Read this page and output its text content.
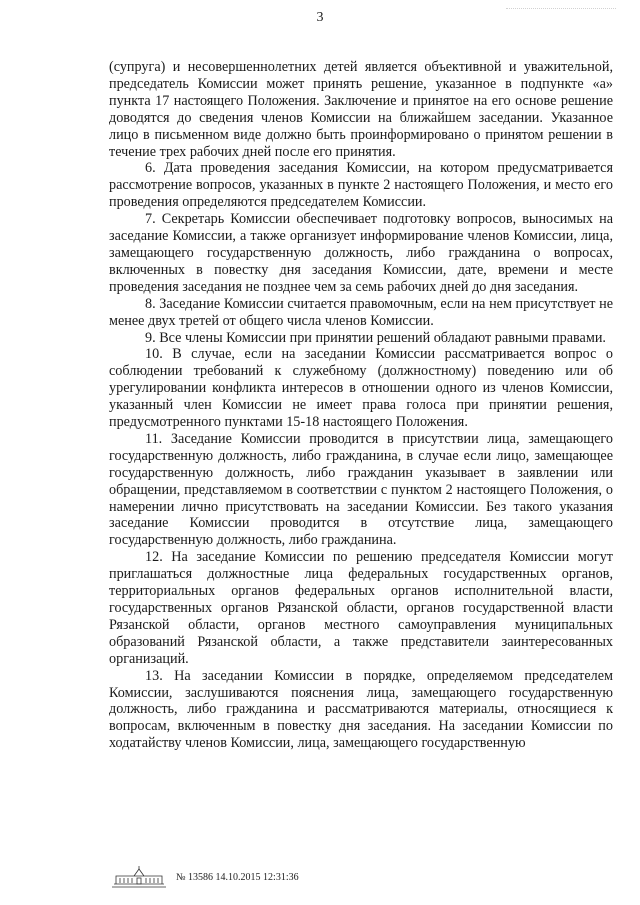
3

(супруга) и несовершеннолетних детей является объективной и уважительной, председатель Комиссии может принять решение, указанное в подпункте «а» пункта 17 настоящего Положения. Заключение и принятое на его основе решение доводятся до сведения членов Комиссии на ближайшем заседании. Указанное лицо в письменном виде должно быть проинформировано о принятом решении в течение трех рабочих дней после его принятия.

6. Дата проведения заседания Комиссии, на котором предусматривается рассмотрение вопросов, указанных в пункте 2 настоящего Положения, и место его проведения определяются председателем Комиссии.

7. Секретарь Комиссии обеспечивает подготовку вопросов, выносимых на заседание Комиссии, а также организует информирование членов Комиссии, лица, замещающего государственную должность, либо гражданина о вопросах, включенных в повестку дня заседания Комиссии, дате, времени и месте проведения заседания не позднее чем за семь рабочих дней до дня заседания.

8. Заседание Комиссии считается правомочным, если на нем присутствует не менее двух третей от общего числа членов Комиссии.

9. Все члены Комиссии при принятии решений обладают равными правами.

10. В случае, если на заседании Комиссии рассматривается вопрос о соблюдении требований к служебному (должностному) поведению или об урегулировании конфликта интересов в отношении одного из членов Комиссии, указанный член Комиссии не имеет права голоса при принятии решения, предусмотренного пунктами 15-18 настоящего Положения.

11. Заседание Комиссии проводится в присутствии лица, замещающего государственную должность, либо гражданина, в случае если лицо, замещающее государственную должность, либо гражданин указывает в заявлении или обращении, представляемом в соответствии с пунктом 2 настоящего Положения, о намерении лично присутствовать на заседании Комиссии. Без такого указания заседание Комиссии проводится в отсутствие лица, замещающего государственную должность, либо гражданина.

12. На заседание Комиссии по решению председателя Комиссии могут приглашаться должностные лица федеральных государственных органов, территориальных органов федеральных органов исполнительной власти, государственных органов Рязанской области, органов государственной власти Рязанской области, органов местного самоуправления муниципальных образований Рязанской области, а также представители заинтересованных организаций.

13. На заседании Комиссии в порядке, определяемом председателем Комиссии, заслушиваются пояснения лица, замещающего государственную должность, либо гражданина и рассматриваются материалы, относящиеся к вопросам, включенным в повестку дня заседания. На заседании Комиссии по ходатайству членов Комиссии, лица, замещающего государственную

№ 13586 14.10.2015 12:31:36
